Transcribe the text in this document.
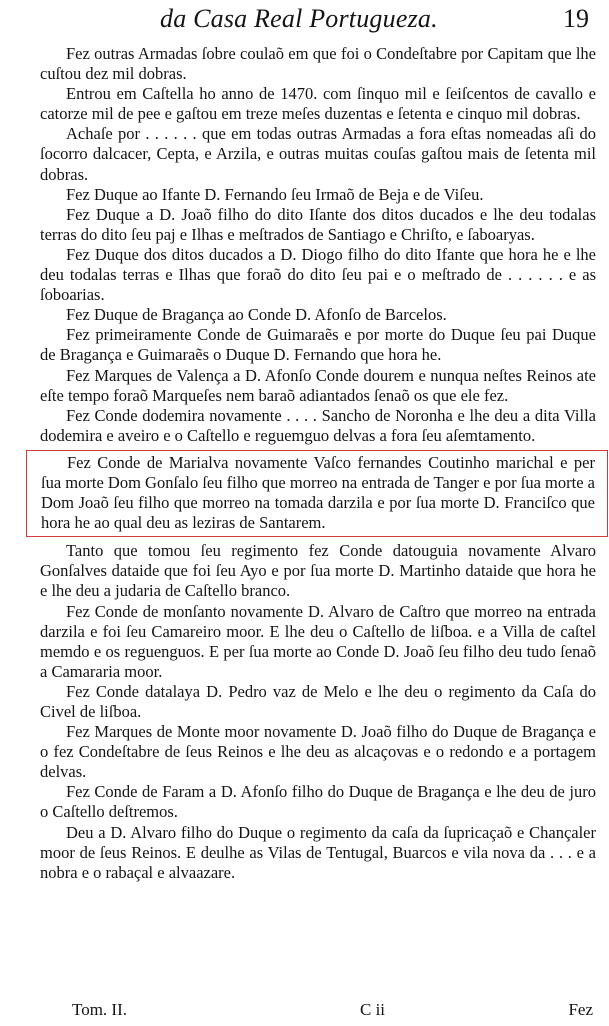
da Casa Real Portugueza.	19

Fez outras Armadas ſobre coulaõ em que foi o Condeſtabre por Capitam que lhe cuſtou dez mil dobras.

Entrou em Caſtella ho anno de 1470. com ſinquo mil e ſeiſcentos de cavallo e catorze mil de pee e gaſtou em treze meſes duzentas e ſetenta e cinquo mil dobras.

Achaſe por . . . . . . que em todas outras Armadas a fora eſtas nomeadas aſi do ſocorro dalcacer, Cepta, e Arzila, e outras muitas couſas gaſtou mais de ſetenta mil dobras.

Fez Duque ao Ifante D. Fernando ſeu Irmaõ de Beja e de Viſeu.

Fez Duque a D. Joaõ filho do dito Iſante dos ditos ducados e lhe deu todalas terras do dito ſeu paj e Ilhas e meſtrados de Santiago e Chriſto, e ſaboaryas.

Fez Duque dos ditos ducados a D. Diogo filho do dito Ifante que hora he e lhe deu todalas terras e Ilhas que foraõ do dito ſeu pai e o meſtrado de . . . . . . e as ſoboarias.

Fez Duque de Bragança ao Conde D. Afonſo de Barcelos.

Fez primeiramente Conde de Guimaraẽs e por morte do Duque ſeu pai Duque de Bragança e Guimaraẽs o Duque D. Fernando que hora he.

Fez Marques de Valença a D. Afonſo Conde dourem e nunqua neſtes Reinos ate eſte tempo foraõ Marqueſes nem baraõ adiantados ſenaõ os que ele fez.

Fez Conde dodemira novamente . . . . Sancho de Noronha e lhe deu a dita Villa dodemira e aveiro e o Caſtello e reguemguo delvas a fora ſeu aſemtamento.

Fez Conde de Marialva novamente Vaſco fernandes Coutinho marichal e per ſua morte Dom Gonſalo ſeu filho que morreo na entrada de Tanger e por ſua morte a Dom Joaõ ſeu filho que morreo na tomada darzila e por ſua morte D. Franciſco que hora he ao qual deu as leziras de Santarem.

Tanto que tomou ſeu regimento fez Conde datouguia novamente Alvaro Gonſalves dataide que foi ſeu Ayo e por ſua morte D. Martinho dataide que hora he e lhe deu a judaria de Caſtello branco.

Fez Conde de monſanto novamente D. Alvaro de Caſtro que morreo na entrada darzila e foi ſeu Camareiro moor. E lhe deu o Caſtello de liſboa. e a Villa de caſtel memdo e os reguenguos. E per ſua morte ao Conde D. Joaõ ſeu filho deu tudo ſenaõ a Camararia moor.

Fez Conde datalaya D. Pedro vaz de Melo e lhe deu o regimento da Caſa do Civel de liſboa.

Fez Marques de Monte moor novamente D. Joaõ filho do Duque de Bragança e o fez Condeſtabre de ſeus Reinos e lhe deu as alcaçovas e o redondo e a portagem delvas.

Fez Conde de Faram a D. Afonſo filho do Duque de Bragança e lhe deu de juro o Caſtello deſtremos.

Deu a D. Alvaro filho do Duque o regimento da caſa da ſupricaçaõ e Chançaler moor de ſeus Reinos. E deulhe as Vilas de Tentugal, Buarcos e vila nova da . . . e a nobra e o rabaçal e alvaazare.

Tom. II.	C ii	Fez
